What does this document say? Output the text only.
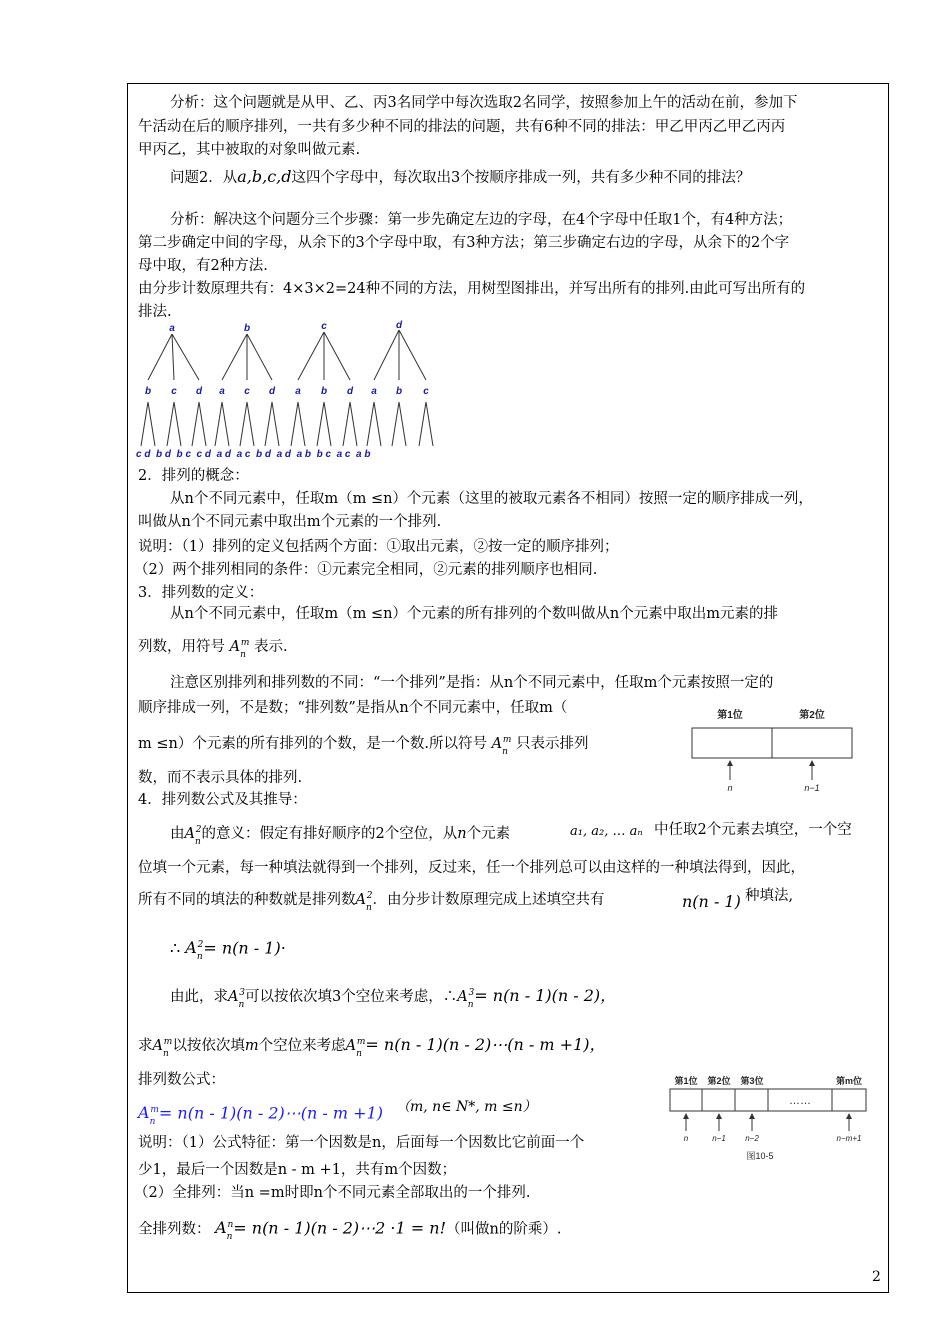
分析：这个问题就是从甲、乙、丙3名同学中每次选取2名同学，按照参加上午的活动在前，参加下
午活动在后的顺序排列，一共有多少种不同的排法的问题，共有6种不同的排法：甲乙甲丙乙甲乙丙丙
甲丙乙，其中被取的对象叫做元素.
问题2．从a,b,c,d这四个字母中，每次取出3个按顺序排成一列，共有多少种不同的排法？
分析：解决这个问题分三个步骤：第一步先确定左边的字母，在4个字母中任取1个，有4种方法；
第二步确定中间的字母，从余下的3个字母中取，有3种方法；第三步确定右边的字母，从余下的2个字
母中取，有2种方法.
由分步计数原理共有：4×3×2=24种不同的方法，用树型图排出，并写出所有的排列.由此可写出所有的
排法.
a	b	c	d
b c d a c d a b d a b c
c d  b d  b c  c d  a d  a c  b d  a d  a b  b c  a c  a b
2．排列的概念：
从n个不同元素中，任取m（m ≤n）个元素（这里的被取元素各不相同）按照一定的顺序排成一列，
叫做从n个不同元素中取出m个元素的一个排列.
说明：（1）排列的定义包括两个方面：①取出元素，②按一定的顺序排列；
（2）两个排列相同的条件：①元素完全相同，②元素的排列顺序也相同.
3．排列数的定义：
从n个不同元素中，任取m（m ≤n）个元素的所有排列的个数叫做从n个元素中取出m元素的排
列数，用符号 $A_n^m$ 表示.
注意区别排列和排列数的不同：“一个排列”是指：从n个不同元素中，任取m个元素按照一定的
顺序排成一列，不是数；“排列数”是指从n个不同元素中，任取m（
m ≤n）个元素的所有排列的个数，是一个数.所以符号 $A_n^m$ 只表示排列
数，而不表示具体的排列.
第1位	第2位
n	n−1
4．排列数公式及其推导：
由$A_n^2$的意义：假定有排好顺序的2个空位，从n个元素	a₁, a₂, … aₙ 中任取2个元素去填空，一个空
位填一个元素，每一种填法就得到一个排列，反过来，任一个排列总可以由这样的一种填法得到，因此，
所有不同的填法的种数就是排列数$A_n^2$．由分步计数原理完成上述填空共有	n(n - 1) 种填法,
∴ $A_n^2= n(n - 1)\cdot$
由此，求$A_n^3$可以按依次填3个空位来考虑，$\therefore A_n^3= n(n - 1)(n - 2)$，
求$A_n^m$以按依次填m个空位来考虑$A_n^m= n(n - 1)(n$ - 2)⋯(n - m +1)，
排列数公式：
$A_n^m= n(n - 1)(n$ - 2)⋯(n - m +1) （m, n∈ N*, m ≤n）
说明：（1）公式特征：第一个因数是n，后面每一个因数比它前面一个
少1，最后一个因数是n - m +1，共有m个因数；
（2）全排列：当n =m时即n个不同元素全部取出的一个排列.
全排列数： $A_n^n= n(n - 1)(n$ - 2)⋯2 ·1 = n!（叫做n的阶乘）.
第1位 第2位 第3位	第m位
……
n	n−1 n−2	n−m+1
图10-5
2
